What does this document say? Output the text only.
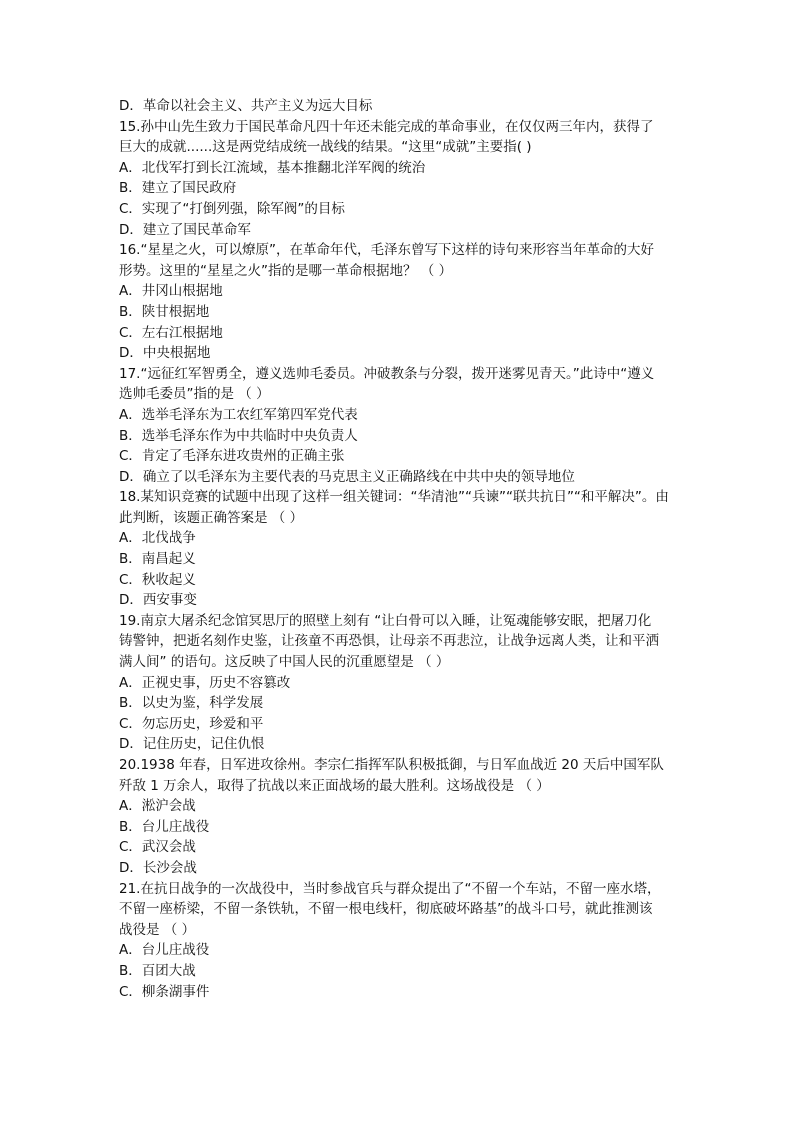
D．革命以社会主义、共产主义为远大目标
15.孙中山先生致力于国民革命凡四十年还未能完成的革命事业，在仅仅两三年内，获得了
巨大的成就......这是两党结成统一战线的结果。“这里“成就”主要指( )
A．北伐军打到长江流域，基本推翻北洋军阀的统治
B．建立了国民政府
C．实现了“打倒列强，除军阀”的目标
D．建立了国民革命军
16.“星星之火，可以燎原”，在革命年代，毛泽东曾写下这样的诗句来形容当年革命的大好
形势。这里的“星星之火”指的是哪一革命根据地？ （ ）
A．井冈山根据地
B．陕甘根据地
C．左右江根据地
D．中央根据地
17.“远征红军智勇全，遵义选帅毛委员。冲破教条与分裂，拨开迷雾见青天。”此诗中“遵义
选帅毛委员”指的是 （ ）
A．选举毛泽东为工农红军第四军党代表
B．选举毛泽东作为中共临时中央负责人
C．肯定了毛泽东进攻贵州的正确主张
D．确立了以毛泽东为主要代表的马克思主义正确路线在中共中央的领导地位
18.某知识竞赛的试题中出现了这样一组关键词：“华清池”“兵谏”“联共抗日”“和平解决”。由
此判断，该题正确答案是 （ ）
A．北伐战争
B．南昌起义
C．秋收起义
D．西安事变
19.南京大屠杀纪念馆冥思厅的照壁上刻有 “让白骨可以入睡，让冤魂能够安眠，把屠刀化
铸警钟，把逝名刻作史鉴，让孩童不再恐惧，让母亲不再悲泣，让战争远离人类，让和平洒
满人间” 的语句。这反映了中国人民的沉重愿望是 （ ）
A．正视史事，历史不容篡改
B．以史为鉴，科学发展
C．勿忘历史，珍爱和平
D．记住历史，记住仇恨
20.1938 年春，日军进攻徐州。李宗仁指挥军队积极抵御，与日军血战近 20 天后中国军队
歼敌 1 万余人，取得了抗战以来正面战场的最大胜利。这场战役是 （ ）
A．淞沪会战
B．台儿庄战役
C．武汉会战
D．长沙会战
21.在抗日战争的一次战役中，当时参战官兵与群众提出了“不留一个车站，不留一座水塔，
不留一座桥梁，不留一条铁轨，不留一根电线杆，彻底破坏路基”的战斗口号，就此推测该
战役是 （ ）
A．台儿庄战役
B．百团大战
C．柳条湖事件
